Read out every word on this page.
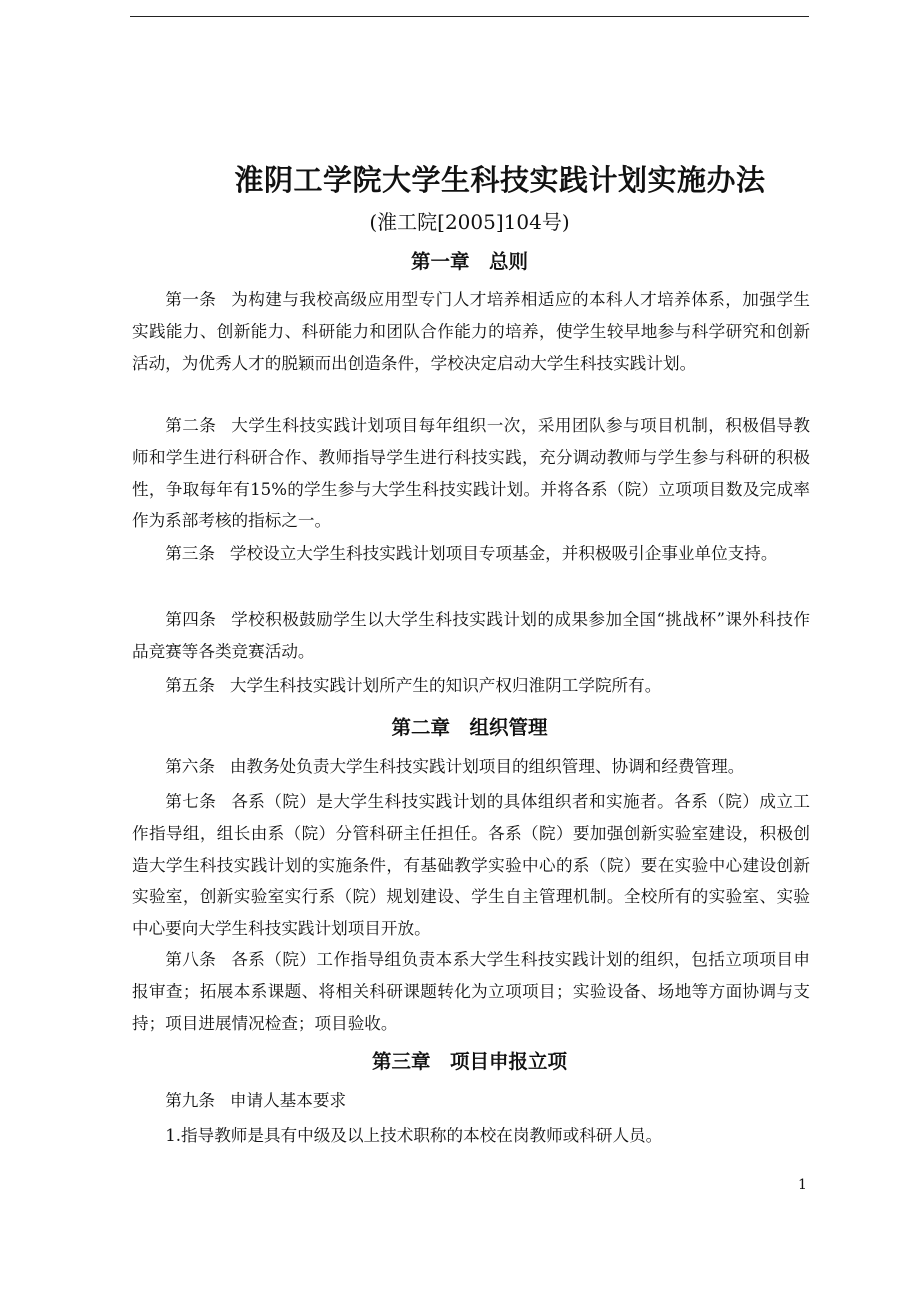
淮阴工学院大学生科技实践计划实施办法
(淮工院[2005]104号)
第一章　总则

第一条 为构建与我校高级应用型专门人才培养相适应的本科人才培养体系，加强学生实践能力、创新能力、科研能力和团队合作能力的培养，使学生较早地参与科学研究和创新活动，为优秀人才的脱颖而出创造条件，学校决定启动大学生科技实践计划。

第二条 大学生科技实践计划项目每年组织一次，采用团队参与项目机制，积极倡导教师和学生进行科研合作、教师指导学生进行科技实践，充分调动教师与学生参与科研的积极性，争取每年有15%的学生参与大学生科技实践计划。并将各系（院）立项项目数及完成率作为系部考核的指标之一。

第三条 学校设立大学生科技实践计划项目专项基金，并积极吸引企事业单位支持。

第四条 学校积极鼓励学生以大学生科技实践计划的成果参加全国“挑战杯”课外科技作品竞赛等各类竞赛活动。

第五条 大学生科技实践计划所产生的知识产权归淮阴工学院所有。

第二章　组织管理

第六条 由教务处负责大学生科技实践计划项目的组织管理、协调和经费管理。

第七条 各系（院）是大学生科技实践计划的具体组织者和实施者。各系（院）成立工作指导组，组长由系（院）分管科研主任担任。各系（院）要加强创新实验室建设，积极创造大学生科技实践计划的实施条件，有基础教学实验中心的系（院）要在实验中心建设创新实验室，创新实验室实行系（院）规划建设、学生自主管理机制。全校所有的实验室、实验中心要向大学生科技实践计划项目开放。

第八条 各系（院）工作指导组负责本系大学生科技实践计划的组织，包括立项项目申报审查；拓展本系课题、将相关科研课题转化为立项项目；实验设备、场地等方面协调与支持；项目进展情况检查；项目验收。

第三章　项目申报立项

第九条 申请人基本要求

1.指导教师是具有中级及以上技术职称的本校在岗教师或科研人员。

1
